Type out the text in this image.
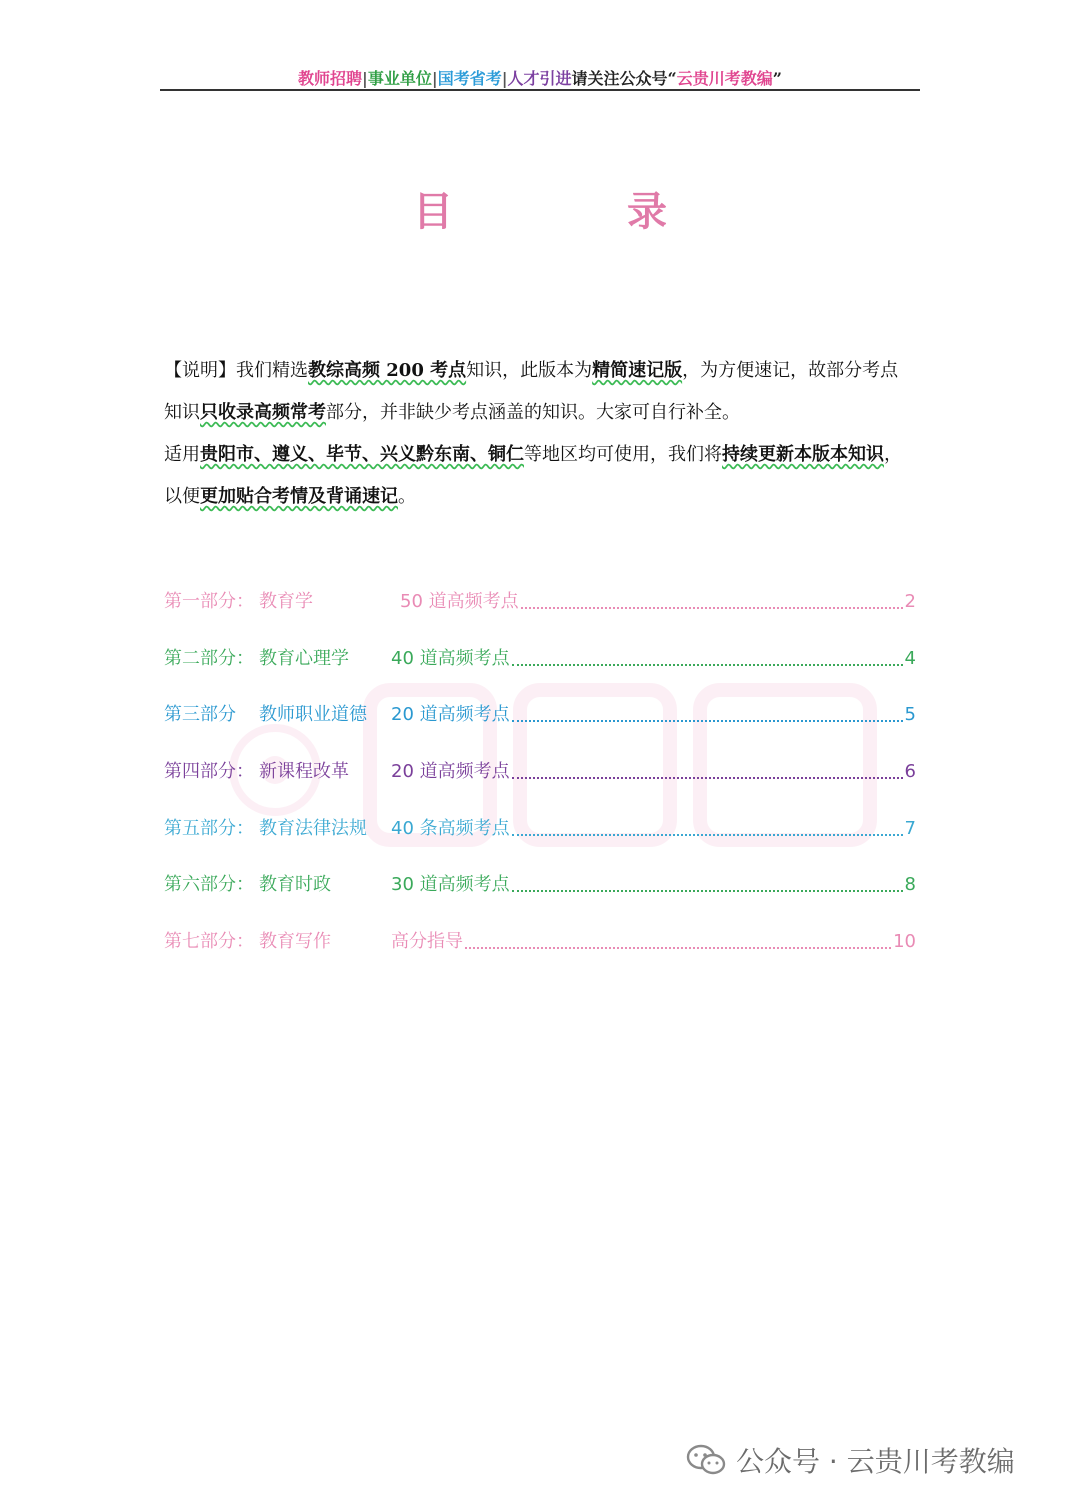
教师招聘|事业单位|国考省考|人才引进请关注公众号“云贵川考教编”
目 录

【说明】我们精选教综高频 200 考点知识，此版本为精简速记版，为方便速记，故部分考点

知识只收录高频常考部分，并非缺少考点涵盖的知识。大家可自行补全。

适用贵阳市、遵义、毕节、兴义黔东南、铜仁等地区均可使用，我们将持续更新本版本知识，

以便更加贴合考情及背诵速记。

第一部分： 教育学	50 道高频考点	2
第二部分： 教育心理学	40 道高频考点	4
第三部分	教师职业道德	20 道高频考点	5
第四部分： 新课程改革	20 道高频考点	6
第五部分： 教育法律法规	40 条高频考点	7
第六部分： 教育时政	30 道高频考点	8
第七部分： 教育写作	高分指导	10
公众号 · 云贵川考教编
